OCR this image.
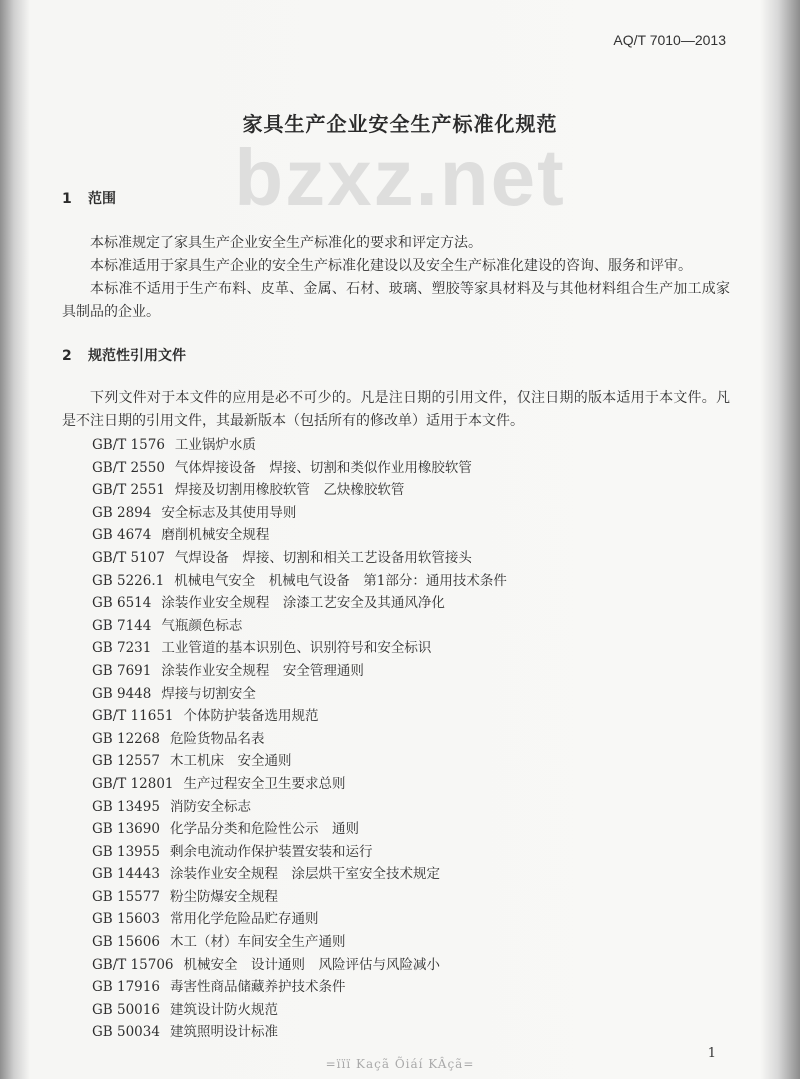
AQ/T 7010—2013
家具生产企业安全生产标准化规范
bzxz.net
1 范围
本标准规定了家具生产企业安全生产标准化的要求和评定方法。
本标准适用于家具生产企业的安全生产标准化建设以及安全生产标准化建设的咨询、服务和评审。
本标准不适用于生产布料、皮革、金属、石材、玻璃、塑胶等家具材料及与其他材料组合生产加工成家具制品的企业。
2 规范性引用文件
下列文件对于本文件的应用是必不可少的。凡是注日期的引用文件，仅注日期的版本适用于本文件。凡是不注日期的引用文件，其最新版本（包括所有的修改单）适用于本文件。
GB/T 1576 工业锅炉水质
GB/T 2550 气体焊接设备　焊接、切割和类似作业用橡胶软管
GB/T 2551 焊接及切割用橡胶软管　乙炔橡胶软管
GB 2894 安全标志及其使用导则
GB 4674 磨削机械安全规程
GB/T 5107 气焊设备　焊接、切割和相关工艺设备用软管接头
GB 5226.1 机械电气安全　机械电气设备　第1部分：通用技术条件
GB 6514 涂装作业安全规程　涂漆工艺安全及其通风净化
GB 7144 气瓶颜色标志
GB 7231 工业管道的基本识别色、识别符号和安全标识
GB 7691 涂装作业安全规程　安全管理通则
GB 9448 焊接与切割安全
GB/T 11651 个体防护装备选用规范
GB 12268 危险货物品名表
GB 12557 木工机床　安全通则
GB/T 12801 生产过程安全卫生要求总则
GB 13495 消防安全标志
GB 13690 化学品分类和危险性公示　通则
GB 13955 剩余电流动作保护装置安装和运行
GB 14443 涂装作业安全规程　涂层烘干室安全技术规定
GB 15577 粉尘防爆安全规程
GB 15603 常用化学危险品贮存通则
GB 15606 木工（材）车间安全生产通则
GB/T 15706 机械安全　设计通则　风险评估与风险减小
GB 17916 毒害性商品储藏养护技术条件
GB 50016 建筑设计防火规范
GB 50034 建筑照明设计标准
1
=ïïï Kaçã Õiáí KÂçã=
